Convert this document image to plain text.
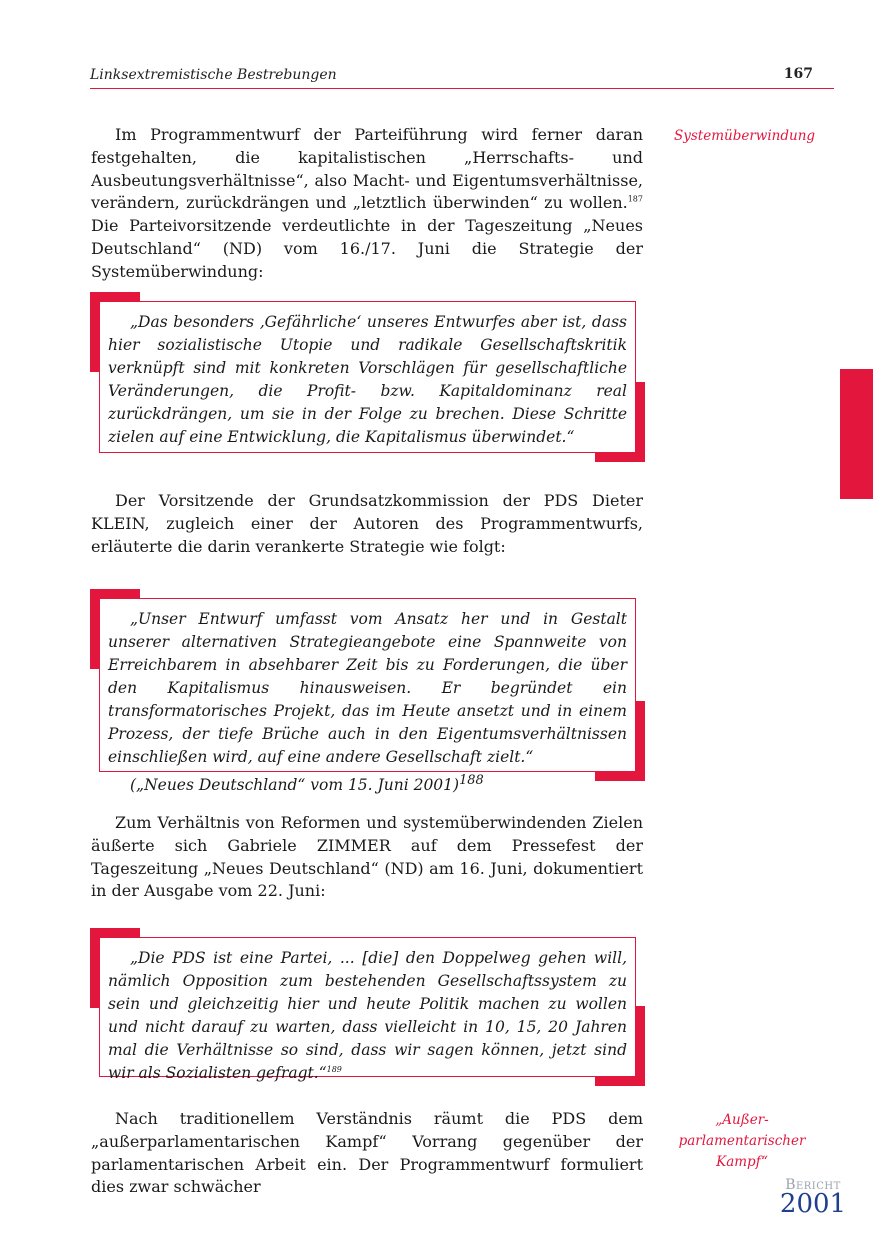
Linksextremistische Bestrebungen	167
Systemüberwindung

Im Programmentwurf der Parteiführung wird ferner daran festgehalten, die kapitalistischen „Herrschafts- und Ausbeutungsverhältnisse“, also Macht- und Eigentumsverhältnisse, verändern, zurückdrängen und „letztlich überwinden“ zu wollen.$^{187}$ Die Parteivorsitzende verdeutlichte in der Tageszeitung „Neues Deutschland“ (ND) vom 16./17. Juni die Strategie der Systemüberwindung:

„Das besonders ‚Gefährliche‘ unseres Entwurfes aber ist, dass hier sozialistische Utopie und radikale Gesellschaftskritik verknüpft sind mit konkreten Vorschlägen für gesellschaftliche Veränderungen, die Profit- bzw. Kapitaldominanz real zurückdrängen, um sie in der Folge zu brechen. Diese Schritte zielen auf eine Entwicklung, die Kapitalismus überwindet.“

Der Vorsitzende der Grundsatzkommission der PDS Dieter KLEIN, zugleich einer der Autoren des Programmentwurfs, erläuterte die darin verankerte Strategie wie folgt:

„Unser Entwurf umfasst vom Ansatz her und in Gestalt unserer alternativen Strategieangebote eine Spannweite von Erreichbarem in absehbarer Zeit bis zu Forderungen, die über den Kapitalismus hinausweisen. Er begründet ein transformatorisches Projekt, das im Heute ansetzt und in einem Prozess, der tiefe Brüche auch in den Eigentumsverhältnissen einschließen wird, auf eine andere Gesellschaft zielt.“

(„Neues Deutschland“ vom 15. Juni 2001)$^{188}$

Zum Verhältnis von Reformen und systemüberwindenden Zielen äußerte sich Gabriele ZIMMER auf dem Pressefest der Tageszeitung „Neues Deutschland“ (ND) am 16. Juni, dokumentiert in der Ausgabe vom 22. Juni:

„Die PDS ist eine Partei, ... [die] den Doppelweg gehen will, nämlich Opposition zum bestehenden Gesellschaftssystem zu sein und gleichzeitig hier und heute Politik machen zu wollen und nicht darauf zu warten, dass vielleicht in 10, 15, 20 Jahren mal die Verhältnisse so sind, dass wir sagen können, jetzt sind wir als Sozialisten gefragt.“$^{189}$

Nach traditionellem Verständnis räumt die PDS dem „außerparlamentarischen Kampf“ Vorrang gegenüber der parlamentarischen Arbeit ein. Der Programmentwurf formuliert dies zwar schwächer

„Außer-
parlamentarischer
Kampf“
Bericht
2001
